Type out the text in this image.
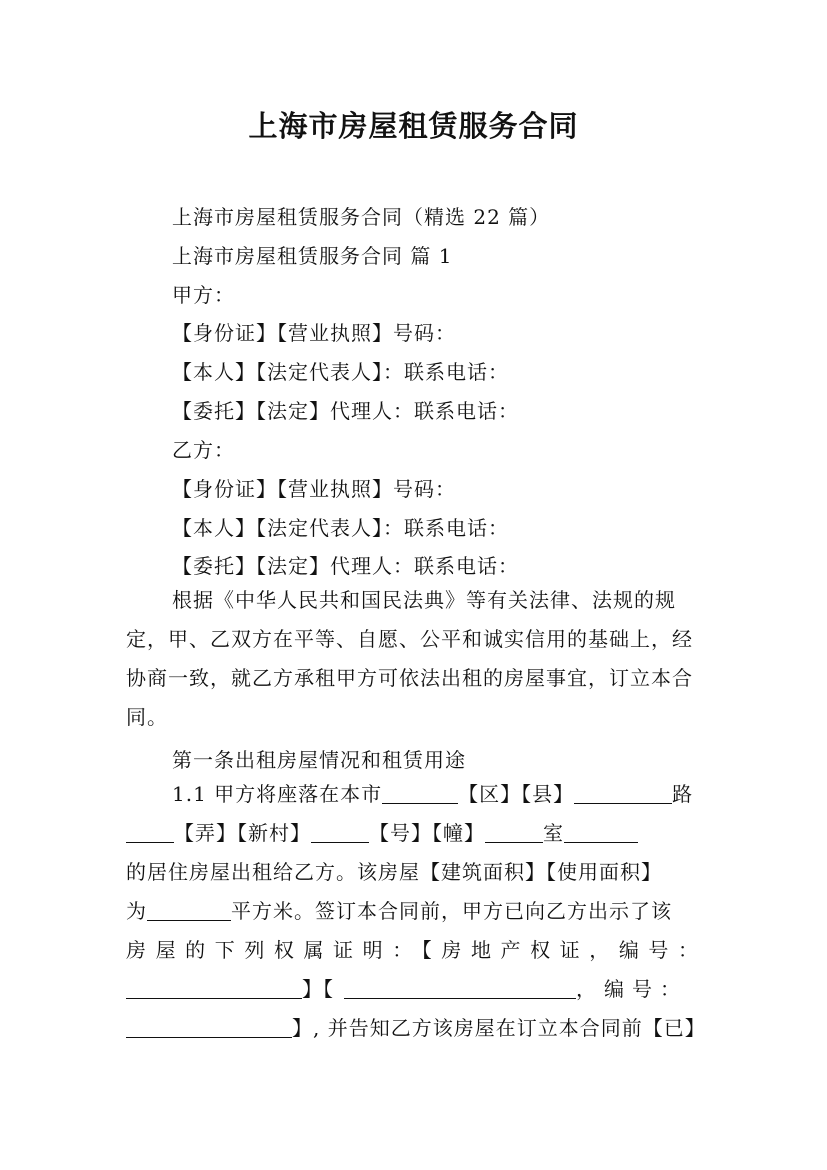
上海市房屋租赁服务合同
上海市房屋租赁服务合同（精选 22 篇）
上海市房屋租赁服务合同 篇 1
甲方：
【身份证】【营业执照】号码：
【本人】【法定代表人】：联系电话：
【委托】【法定】代理人：联系电话：
乙方：
【身份证】【营业执照】号码：
【本人】【法定代表人】：联系电话：
【委托】【法定】代理人：联系电话：
根据《中华人民共和国民法典》等有关法律、法规的规定，甲、乙双方在平等、自愿、公平和诚实信用的基础上，经协商一致，就乙方承租甲方可依法出租的房屋事宜，订立本合同。
第一条出租房屋情况和租赁用途
1.1 甲方将座落在本市	【区】【县】	路
【弄】【新村】	【号】【幢】	室
的居住房屋出租给乙方。该房屋【建筑面积】【使用面积】
为	平方米。签订本合同前，甲方已向乙方出示了该
房屋的下列权属证明：【房地产权证，编号：
】【	，编号：
】, 并告知乙方该房屋在订立本合同前【已】
